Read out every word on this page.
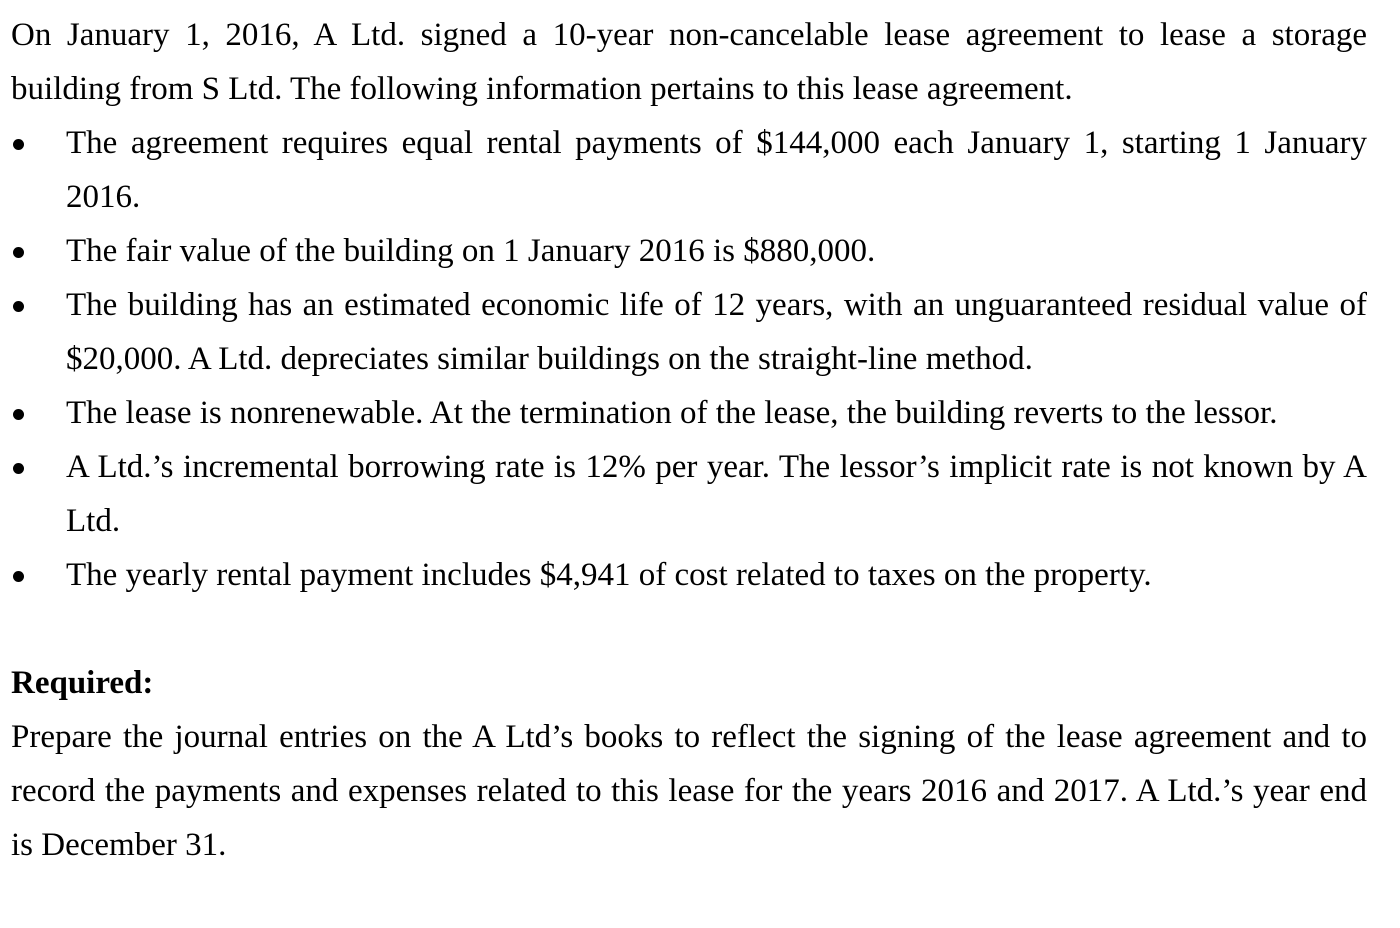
On January 1, 2016, A Ltd. signed a 10-year non-cancelable lease agreement to lease a storage building from S Ltd. The following information pertains to this lease agreement.

The agreement requires equal rental payments of $144,000 each January 1, starting 1 January 2016.
The fair value of the building on 1 January 2016 is $880,000.
The building has an estimated economic life of 12 years, with an unguaranteed residual value of $20,000. A Ltd. depreciates similar buildings on the straight-line method.
The lease is nonrenewable. At the termination of the lease, the building reverts to the lessor.
A Ltd.’s incremental borrowing rate is 12% per year. The lessor’s implicit rate is not known by A Ltd.
The yearly rental payment includes $4,941 of cost related to taxes on the property.
Required:

Prepare the journal entries on the A Ltd’s books to reflect the signing of the lease agreement and to record the payments and expenses related to this lease for the years 2016 and 2017. A Ltd.’s year end is December 31.
